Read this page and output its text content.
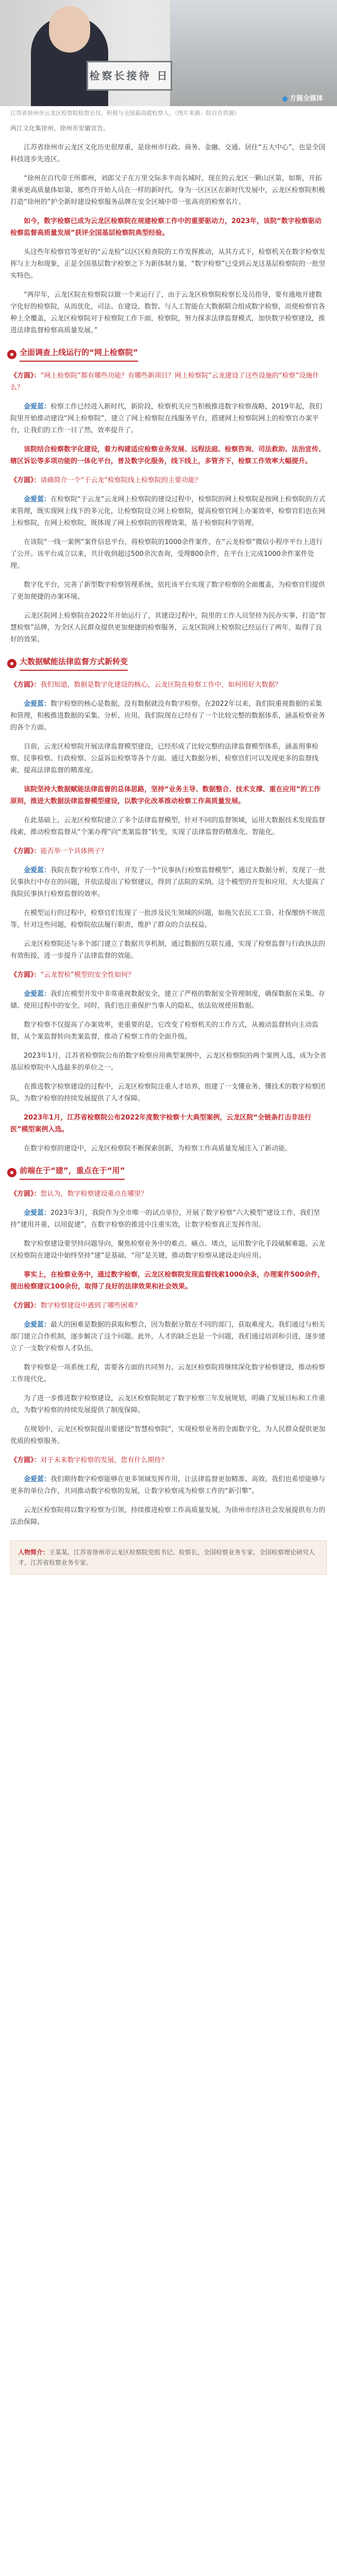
检察长接待 日
方圆全媒体
江苏省徐州市云龙区检察院检察长仪，积极与全国最高值检察人。（图片来源：院自有资源）

两江文化集徐州，徐州市安徽宣告。

江苏省徐州市云龙区文化历史很厚重，是徐州市行政、商务、金融、交通、居住“五大中心”，也是全国科技进步先进区。

“徐州在百代帝王所都州，刘郎父子在万里交际多半而名城时。现在的云龙区一颗山区第，如斯，开拓秉承更高质量体如第，那些许开始人员在一样的新时代。身为一区区区在新时代发展中，云龙区检察院积极打造“徐州的”护全新时建设检察服务品牌在安全区城中带一张高亮的检察名片。

如今，数字检察已成为云龙区检察院在规建检察工作中的重要驱动力，2023年，该院“数字检察驱动检察监督高质量发展”获评全国基层检察院典型经验。

头这些年检察官等更好的“云龙检”以区区检查院的工作发挥推动，从其方式下，检察机关在数字检察发挥与主力和现象，正是全国基层数字检察之下为新体制力量，“数字检察”已受到云龙这基层检察院的一批坚实特色。

“两岸年，云龙区院在检察院以做一个来运行了，由于云龙区检察院检察长及员指导，要有通地开建数字化好的检察院，从而优化，司法、在建设、数智、与人工智能在大数据联合组成数字检察，而使检察官各种上全覆盖，云龙区检察院对于检察院工作下面，检察院，努力探求法律监督模式，加快数字检察建设，推进法律监督检察高质量发展。”

全面调查上线运行的“网上检察院”

《方圆》：“网上检察院”都有哪些功能？有哪些新项目？网上检察院”云龙建设了这些设施的“检察”设施什么？

金爱蓝：检察工作已经进入新时代，新阶段，检察机关应当积极推进数字检察战略，2019年起，我们院里开始推动建设“网上检察院”，建立了网上检察院在线服务平台，搭建网上检察院网上的检察官办案平台，让我们的工作一目了然，效率提升了。

该院结合检察数字化建设，着力构建适应检察业务发展、远程法庭、检察咨询、司法救助、法治宣传、辖区诉讼等多项功能的一体化平台，普及数字化服务，线下线上，多管齐下，检察工作效率大幅提升。

《方圆》：请确简介一个“于云龙”检察院线上检察院的主要功能？

金爱蓝：在检察院“于云龙”云龙网上检察院的建设过程中，检察院的网上检察院是按网上检察院的方式来管理，既实现网上线下的多元化，让检察院设立网上检察院，提高检察官网上办案效率，检察官们也在网上检察院，在网上检察院，既体现了网上检察院的管理效果，基于检察院科学管理。

在该院“一线一案例”案件信息平台，将检察院的1000余件案件，在“云龙检察”微信小程序平台上进行了公开。该平台成立以来，共计收到超过500余次查询，受理800余件，在平台上完成1000余件案件处理。

数字化平台，完善了新型数字检察管理系统，依托该平台实现了数字检察的全面覆盖，为检察官们提供了更加便捷的办案环境。

云龙区院网上检察院在2022年开始运行了，其建设过程中，院里的工作人员坚持为民办实事，打造“智慧检察”品牌，为全区人民群众提供更加便捷的检察服务，云龙区院网上检察院已经运行了两年，取得了良好的效果。

大数据赋能法律监督方式新转变

《方圆》：我们知道，数据是数字化建设的核心，云龙区院在检察工作中，如何用好大数据？

金爱蓝：数字检察的核心是数据，没有数据就没有数字检察。在2022年以来，我们院重视数据的采集和管理，积极推进数据的采集、分析、应用。我们院现在已经有了一个比较完整的数据体系，涵盖检察业务的各个方面。

目前，云龙区检察院开展法律监督模型建设，已经形成了比较完整的法律监督模型体系，涵盖刑事检察、民事检察、行政检察、公益诉讼检察等各个方面。通过大数据分析，检察官们可以发现更多的监督线索，提高法律监督的精准度。

该院坚持大数据赋能法律监督的总体思路，坚持“业务主导、数据整合、技术支撑、重在应用”的工作原则，推进大数据法律监督模型建设，以数字化改革推动检察工作高质量发展。

在此基础上，云龙区检察院建立了多个法律监督模型，针对不同的监督领域，运用大数据技术发现监督线索，推动检察监督从“个案办理”向“类案监督”转变，实现了法律监督的精准化、智能化。

《方圆》：能否举一个具体例子？

金爱蓝：我院在数字检察工作中，开发了一个“民事执行检察监督模型”，通过大数据分析，发现了一批民事执行中存在的问题，并依法提出了检察建议，得到了法院的采纳。这个模型的开发和应用，大大提高了我院民事执行检察监督的效率。

在模型运行的过程中，检察官们发现了一批涉及民生领域的问题，如拖欠农民工工资、社保缴纳不规范等，针对这些问题，检察院依法履行职责，维护了群众的合法权益。

云龙区检察院还与多个部门建立了数据共享机制，通过数据的互联互通，实现了检察监督与行政执法的有效衔接，进一步提升了法律监督的效能。

《方圆》：“云龙智检”模型的安全性如何？

金爱蓝：我们在模型开发中非常重视数据安全，建立了严格的数据安全管理制度，确保数据在采集、存储、使用过程中的安全。同时，我们也注重保护当事人的隐私，依法依规使用数据。

数字检察不仅提高了办案效率，更重要的是，它改变了检察机关的工作方式，从被动监督转向主动监督，从个案监督转向类案监督，推动了检察工作的全面升级。

2023年1月，江苏省检察院公布的数字检察应用典型案例中，云龙区检察院的两个案例入选，成为全省基层检察院中入选最多的单位之一。

在推进数字检察建设的过程中，云龙区检察院注重人才培养，组建了一支懂业务、懂技术的数字检察团队，为数字检察的持续发展提供了人才保障。

2023年1月，江苏省检察院公布2022年度数字检察十大典型案例，云龙区院“全链条打击非法行医”模型案例入选。

在数字检察的建设中，云龙区检察院不断探索创新，为检察工作高质量发展注入了新动能。

前端在于“建”，重点在于“用”

《方圆》：您认为，数字检察建设重点在哪里？

金爱蓝：2023年3月，我院作为全市唯一的试点单位，开展了数字检察“六大模型”建设工作，我们坚持“建用并重、以用促建”，在数字检察的推进中注重实效，让数字检察真正发挥作用。

数字检察建设要坚持问题导向，聚焦检察业务中的难点、痛点、堵点，运用数字化手段破解难题。云龙区检察院在建设中始终坚持“建”是基础，“用”是关键，推动数字检察从建设走向应用。

事实上，在检察业务中，通过数字检察，云龙区检察院发现监督线索1000余条，办理案件500余件，提出检察建议100余份，取得了良好的法律效果和社会效果。

《方圆》：数字检察建设中遇到了哪些困难？

金爱蓝：最大的困难是数据的获取和整合，因为数据分散在不同的部门，获取难度大。我们通过与相关部门建立合作机制，逐步解决了这个问题。此外，人才的缺乏也是一个问题，我们通过培训和引进，逐步建立了一支数字检察人才队伍。

数字检察是一项系统工程，需要各方面的共同努力。云龙区检察院将继续深化数字检察建设，推动检察工作现代化。

为了进一步推进数字检察建设，云龙区检察院制定了数字检察三年发展规划，明确了发展目标和工作重点，为数字检察的持续发展提供了制度保障。

在规划中，云龙区检察院提出要建设“智慧检察院”，实现检察业务的全面数字化，为人民群众提供更加优质的检察服务。

《方圆》：对于未来数字检察的发展，您有什么期待？

金爱蓝：我们期待数字检察能够在更多领域发挥作用，让法律监督更加精准、高效。我们也希望能够与更多的单位合作，共同推动数字检察的发展，让数字检察成为检察工作的“新引擎”。

云龙区检察院将以数字检察为引领，持续推进检察工作高质量发展，为徐州市经济社会发展提供有力的法治保障。

人物简介：王某某，江苏省徐州市云龙区检察院党组书记、检察长，全国检察业务专家，全国检察理论研究人才，江苏省检察业务专家。
